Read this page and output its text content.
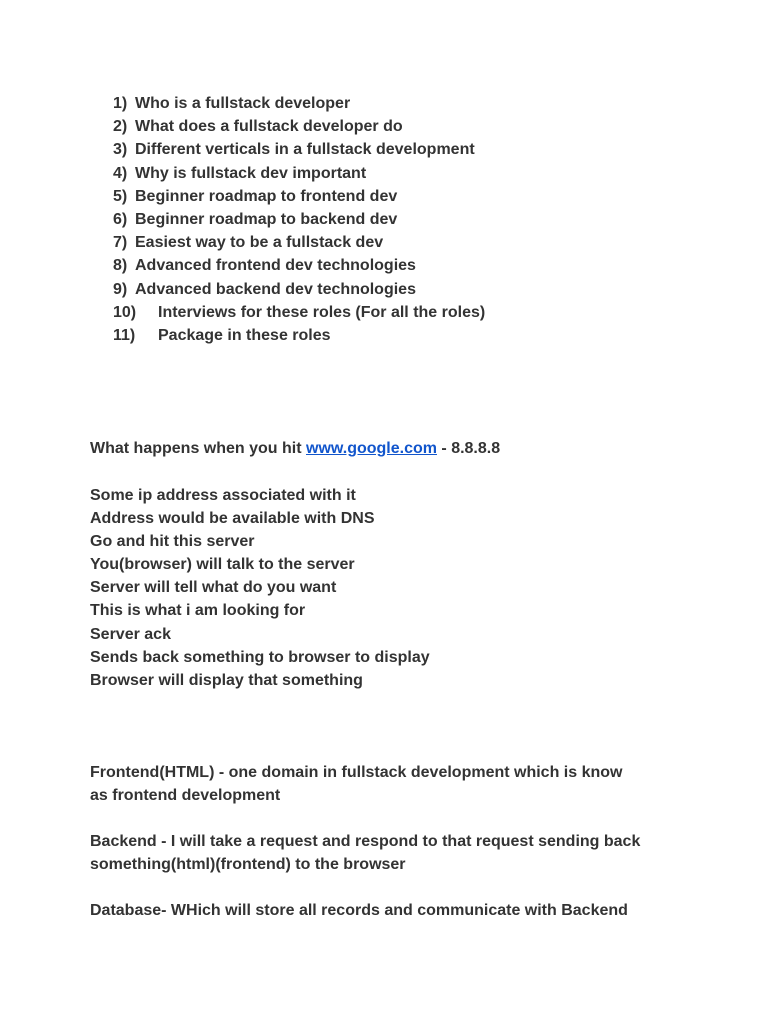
1) Who is a fullstack developer
2) What does a fullstack developer do
3) Different verticals in a fullstack development
4) Why is fullstack dev important
5) Beginner roadmap to frontend dev
6) Beginner roadmap to backend dev
7) Easiest way to be a fullstack dev
8) Advanced frontend dev technologies
9) Advanced backend dev technologies
10) Interviews for these roles (For all the roles)
11) Package in these roles

What happens when you hit www.google.com - 8.8.8.8

Some ip address associated with it
Address would be available with DNS
Go and hit this server
You(browser) will talk to the server
Server will tell what do you want
This is what i am looking for
Server ack
Sends back something to browser to display
Browser will display that something
Frontend(HTML) - one domain in fullstack development which is know
as frontend development
Backend - I will take a request and respond to that request sending back
something(html)(frontend) to the browser
Database- WHich will store all records and communicate with Backend
